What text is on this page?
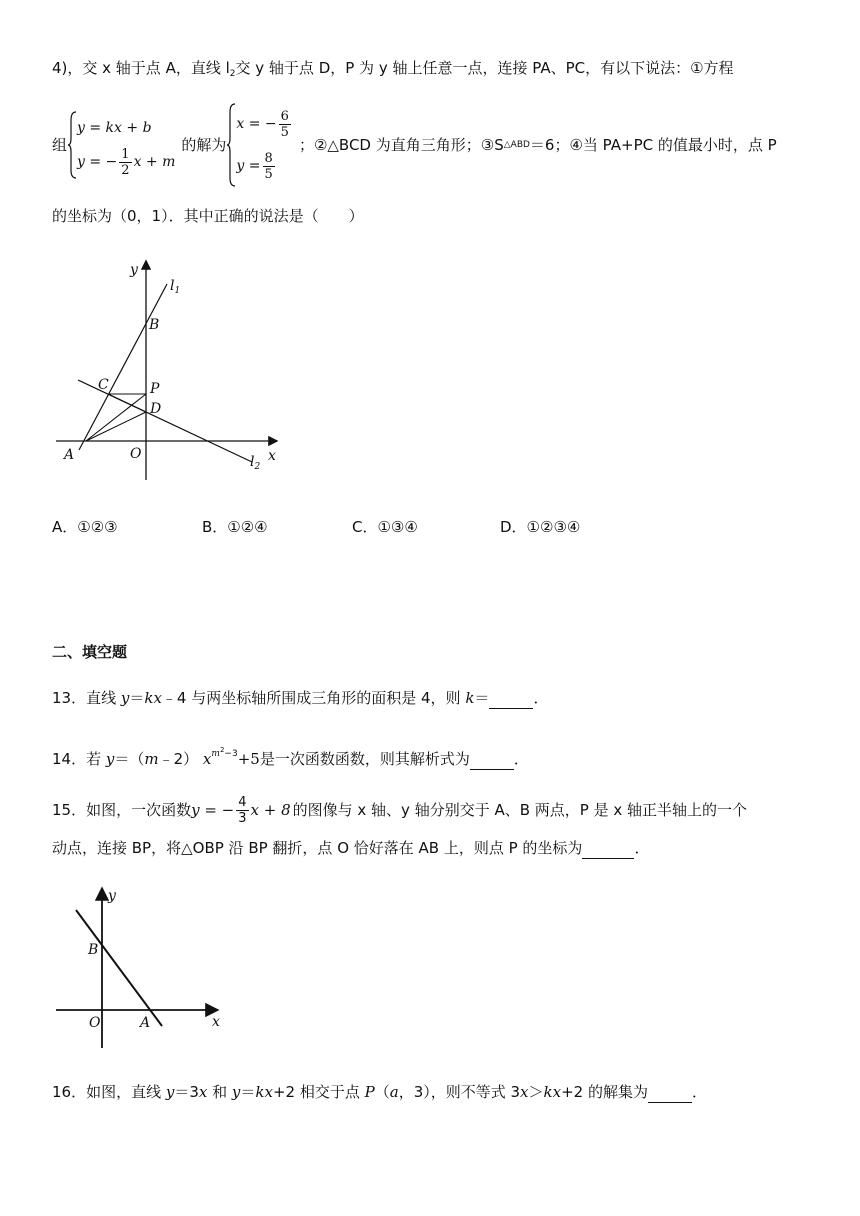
4)，交 x 轴于点 A，直线 $l_2$交 y 轴于点 D，P 为 y 轴上任意一点，连接 PA、PC，有以下说法：①方程
组
y = kx + b
y = − $\frac{1}{2}$ x + m
的解为
x = − $\frac{6}{5}$
$y = \frac{8}{5}$
；②△BCD 为直角三角形；③S △ABD ＝6；④当 PA+PC 的值最小时，点 P
的坐标为（0，1）．其中正确的说法是（　　）
y
x
$l_1$
$l_2$
B
C	P
D
A	O
A．①②③	B．①②④	C．①③④	D．①②③④
二、填空题
13．直线 y＝kx﹣4 与两坐标轴所围成三角形的面积是 4，则 k＝	．
14．若 y＝（m﹣2） $x^{m^2-3}+5$是一次函数函数，则其解析式为	．
15．如图，一次函数 y = − $\frac{4}{3}$ x + 8 的图像与 x 轴、y 轴分别交于 A、B 两点，P 是 x 轴正半轴上的一个
动点，连接 BP，将△OBP 沿 BP 翻折，点 O 恰好落在 AB 上，则点 P 的坐标为	．
y
x
B
O	A
16．如图，直线 y＝3x 和 y＝kx+2 相交于点 P（a，3），则不等式 3x＞kx+2 的解集为	．
